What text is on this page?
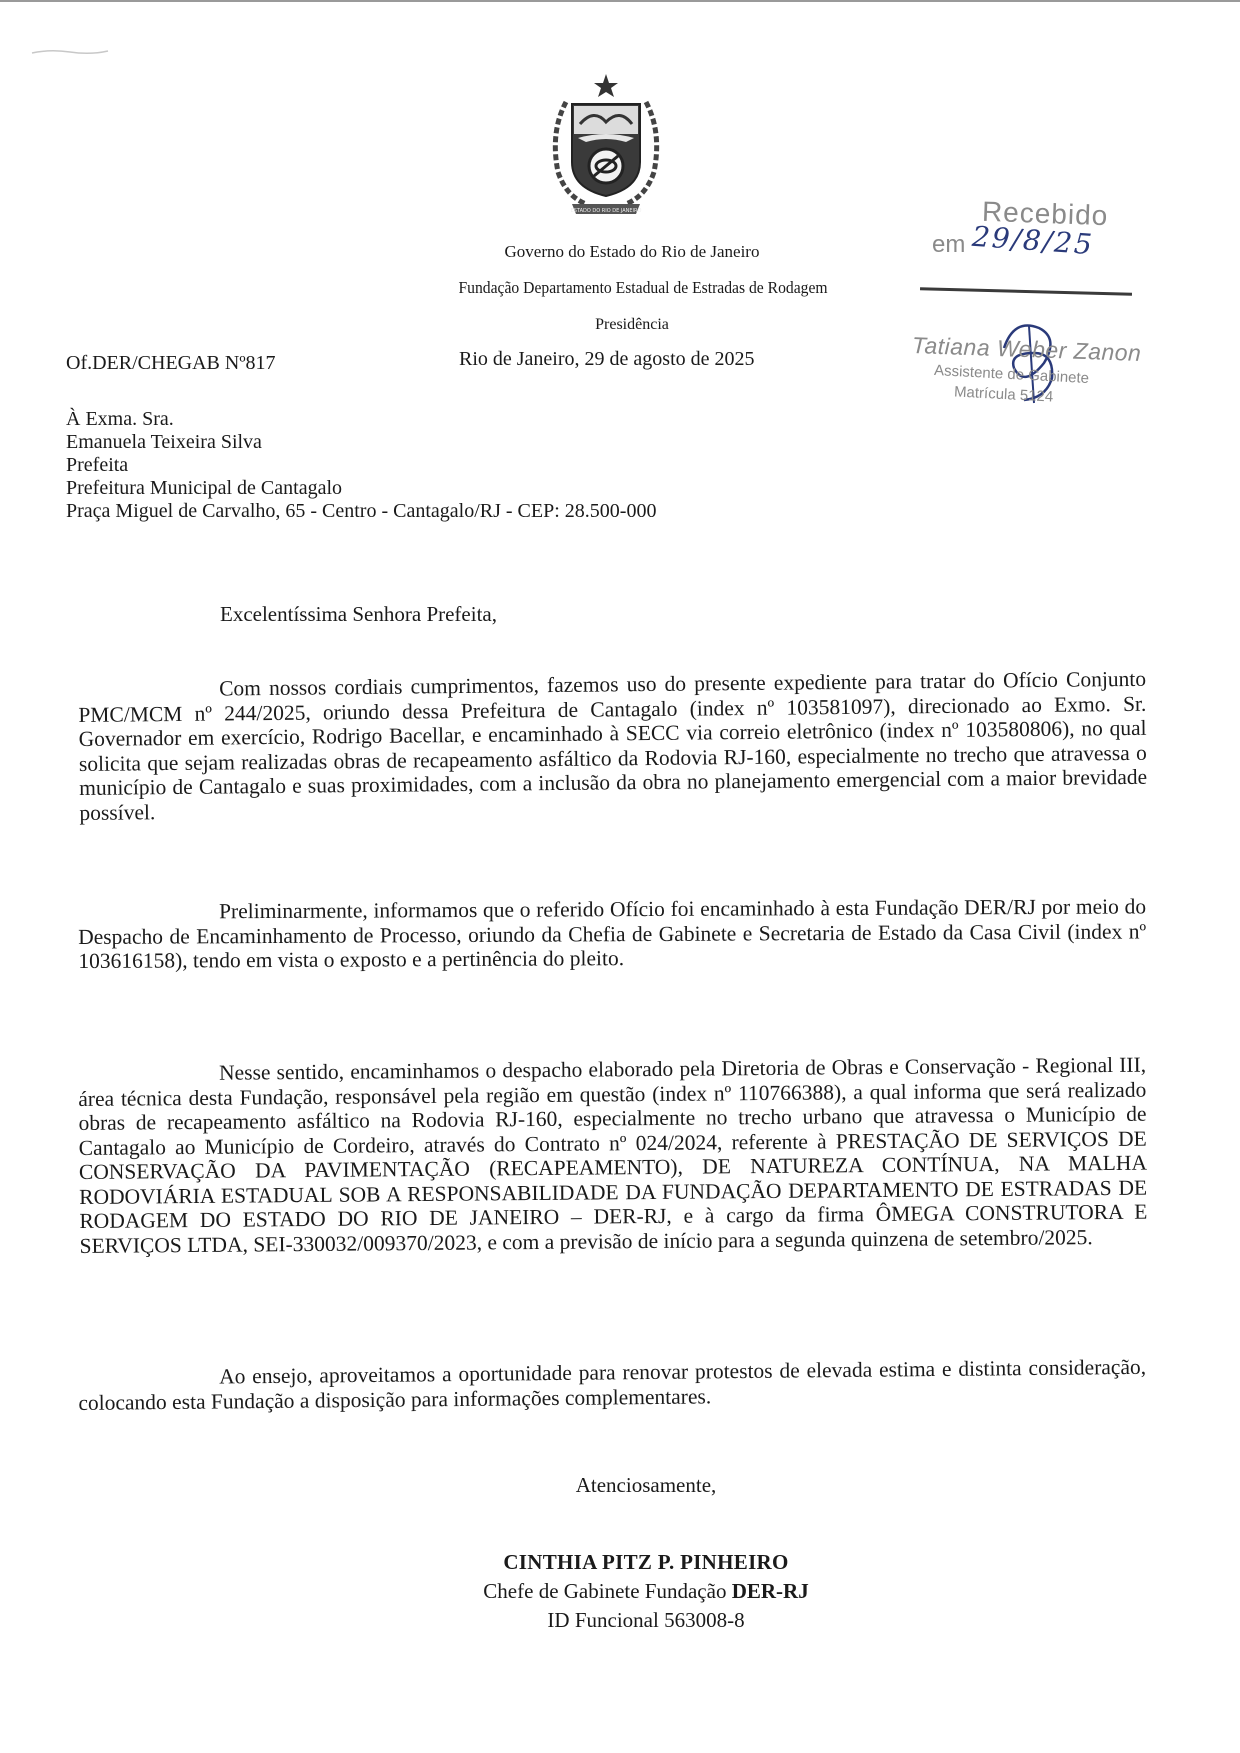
ESTADO DO RIO DE JANEIRO
Governo do Estado do Rio de Janeiro
Fundação Departamento Estadual de Estradas de Rodagem
Presidência
Of.DER/CHEGAB Nº817	Rio de Janeiro, 29 de agosto de 2025
Recebido
em 29/8/25
Tatiana Weber Zanon
Assistente de Gabinete
Matrícula 5124
À Exma. Sra.
Emanuela Teixeira Silva
Prefeita
Prefeitura Municipal de Cantagalo
Praça Miguel de Carvalho, 65 - Centro - Cantagalo/RJ - CEP: 28.500-000
Excelentíssima Senhora Prefeita,

Com nossos cordiais cumprimentos, fazemos uso do presente expediente para tratar do Ofício Conjunto PMC/MCM nº 244/2025, oriundo dessa Prefeitura de Cantagalo (index nº 103581097), direcionado ao Exmo. Sr. Governador em exercício, Rodrigo Bacellar, e encaminhado à SECC via correio eletrônico (index nº 103580806), no qual solicita que sejam realizadas obras de recapeamento asfáltico da Rodovia RJ-160, especialmente no trecho que atravessa o município de Cantagalo e suas proximidades, com a inclusão da obra no planejamento emergencial com a maior brevidade possível.

Preliminarmente, informamos que o referido Ofício foi encaminhado à esta Fundação DER/RJ por meio do Despacho de Encaminhamento de Processo, oriundo da Chefia de Gabinete e Secretaria de Estado da Casa Civil (index nº 103616158), tendo em vista o exposto e a pertinência do pleito.

Nesse sentido, encaminhamos o despacho elaborado pela Diretoria de Obras e Conservação - Regional III, área técnica desta Fundação, responsável pela região em questão (index nº 110766388), a qual informa que será realizado obras de recapeamento asfáltico na Rodovia RJ-160, especialmente no trecho urbano que atravessa o Município de Cantagalo ao Município de Cordeiro, através do Contrato nº 024/2024, referente à PRESTAÇÃO DE SERVIÇOS DE CONSERVAÇÃO DA PAVIMENTAÇÃO (RECAPEAMENTO), DE NATUREZA CONTÍNUA, NA MALHA RODOVIÁRIA ESTADUAL SOB A RESPONSABILIDADE DA FUNDAÇÃO DEPARTAMENTO DE ESTRADAS DE RODAGEM DO ESTADO DO RIO DE JANEIRO – DER-RJ, e à cargo da firma ÔMEGA CONSTRUTORA E SERVIÇOS LTDA, SEI-330032/009370/2023, e com a previsão de início para a segunda quinzena de setembro/2025.

Ao ensejo, aproveitamos a oportunidade para renovar protestos de elevada estima e distinta consideração, colocando esta Fundação a disposição para informações complementares.

Atenciosamente,
CINTHIA PITZ P. PINHEIRO
Chefe de Gabinete Fundação DER-RJ
ID Funcional 563008-8
